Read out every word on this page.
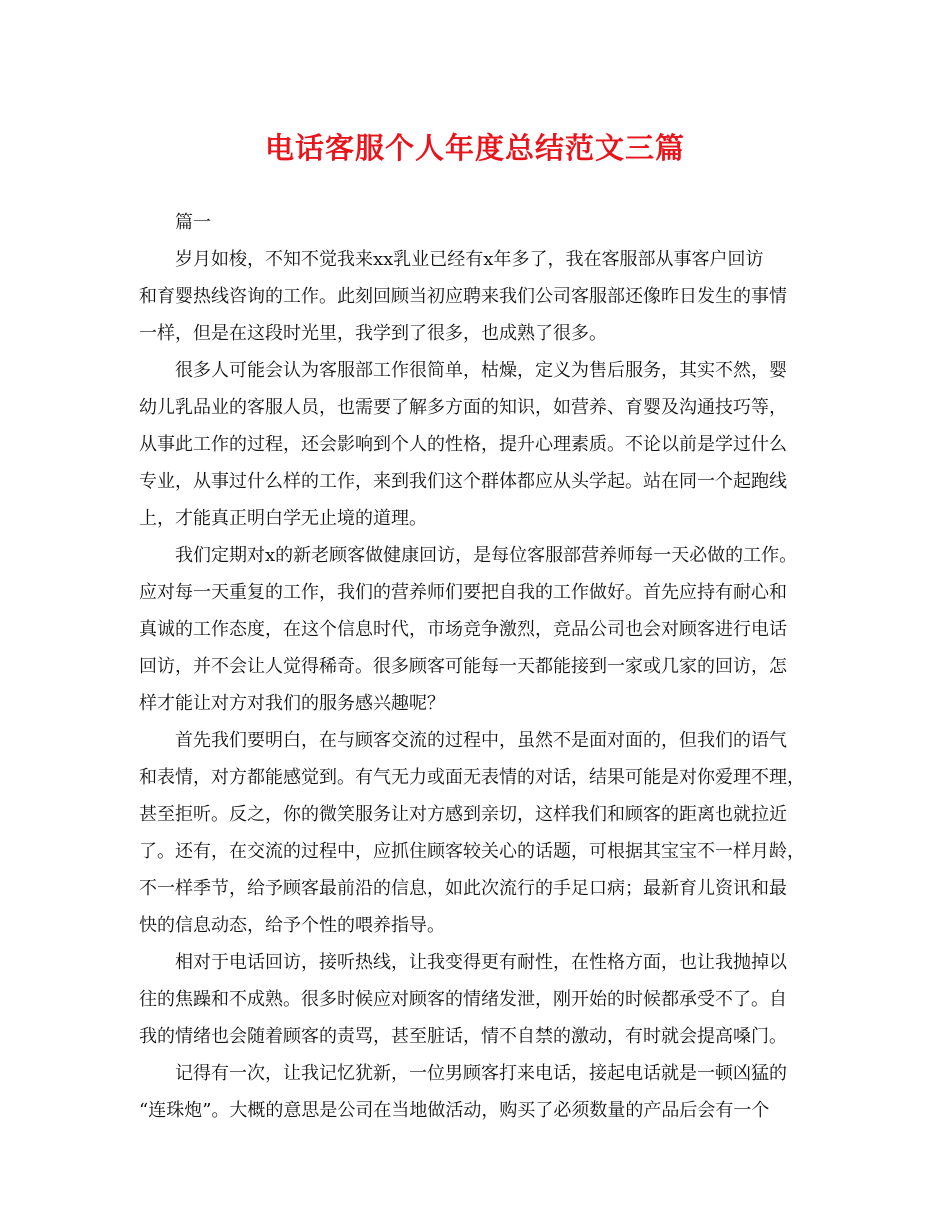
电话客服个人年度总结范文三篇

篇一

岁月如梭，不知不觉我来xx乳业已经有x年多了，我在客服部从事客户回访
和育婴热线咨询的工作。此刻回顾当初应聘来我们公司客服部还像昨日发生的事情
一样，但是在这段时光里，我学到了很多，也成熟了很多。

很多人可能会认为客服部工作很简单，枯燥，定义为售后服务，其实不然，婴
幼儿乳品业的客服人员，也需要了解多方面的知识，如营养、育婴及沟通技巧等，
从事此工作的过程，还会影响到个人的性格，提升心理素质。不论以前是学过什么
专业，从事过什么样的工作，来到我们这个群体都应从头学起。站在同一个起跑线
上，才能真正明白学无止境的道理。

我们定期对x的新老顾客做健康回访，是每位客服部营养师每一天必做的工作。
应对每一天重复的工作，我们的营养师们要把自我的工作做好。首先应持有耐心和
真诚的工作态度，在这个信息时代，市场竞争激烈，竞品公司也会对顾客进行电话
回访，并不会让人觉得稀奇。很多顾客可能每一天都能接到一家或几家的回访，怎
样才能让对方对我们的服务感兴趣呢？

首先我们要明白，在与顾客交流的过程中，虽然不是面对面的，但我们的语气
和表情，对方都能感觉到。有气无力或面无表情的对话，结果可能是对你爱理不理，
甚至拒听。反之，你的微笑服务让对方感到亲切，这样我们和顾客的距离也就拉近
了。还有，在交流的过程中，应抓住顾客较关心的话题，可根据其宝宝不一样月龄，
不一样季节，给予顾客最前沿的信息，如此次流行的手足口病；最新育儿资讯和最
快的信息动态，给予个性的喂养指导。

相对于电话回访，接听热线，让我变得更有耐性，在性格方面，也让我抛掉以
往的焦躁和不成熟。很多时候应对顾客的情绪发泄，刚开始的时候都承受不了。自
我的情绪也会随着顾客的责骂，甚至脏话，情不自禁的激动，有时就会提高嗓门。

记得有一次，让我记忆犹新，一位男顾客打来电话，接起电话就是一顿凶猛的
“连珠炮”。大概的意思是公司在当地做活动，购买了必须数量的产品后会有一个
